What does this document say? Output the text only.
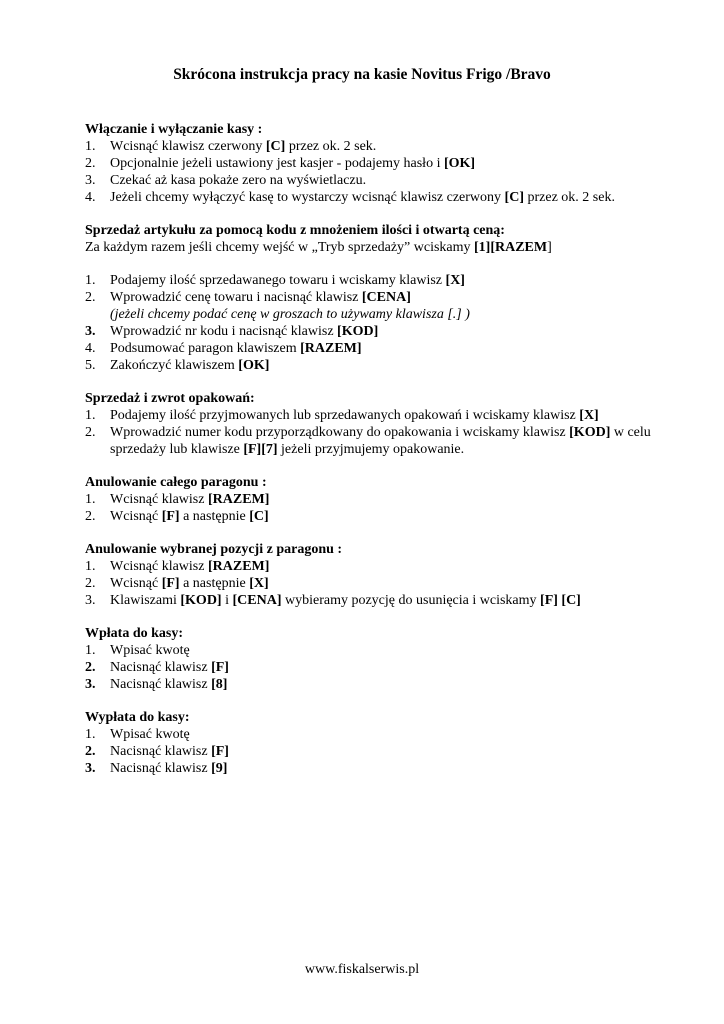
Skrócona instrukcja pracy na kasie Novitus Frigo /Bravo

Włączanie i wyłączanie kasy :

1. Wcisnąć klawisz czerwony [C] przez ok. 2 sek.
2. Opcjonalnie jeżeli ustawiony jest kasjer - podajemy hasło i [OK]
3. Czekać aż kasa pokaże zero na wyświetlaczu.
4. Jeżeli chcemy wyłączyć kasę to wystarczy wcisnąć klawisz czerwony [C] przez ok. 2 sek.

Sprzedaż artykułu za pomocą kodu z mnożeniem ilości i otwartą ceną:

Za każdym razem jeśli chcemy wejść w „Tryb sprzedaży” wciskamy [1][RAZEM]

1. Podajemy ilość sprzedawanego towaru i wciskamy klawisz [X]
2. Wprowadzić cenę towaru i nacisnąć klawisz [CENA]
(jeżeli chcemy podać cenę w groszach to używamy klawisza [.] )
3. Wprowadzić nr kodu i nacisnąć klawisz [KOD]
4. Podsumować paragon klawiszem [RAZEM]
5. Zakończyć klawiszem [OK]

Sprzedaż i zwrot opakowań:

1. Podajemy ilość przyjmowanych lub sprzedawanych opakowań i wciskamy klawisz [X]
2. Wprowadzić numer kodu przyporządkowany do opakowania i wciskamy klawisz [KOD] w celu sprzedaży lub klawisze [F][7] jeżeli przyjmujemy opakowanie.

Anulowanie całego paragonu :

1. Wcisnąć klawisz [RAZEM]
2. Wcisnąć [F] a następnie [C]

Anulowanie wybranej pozycji z paragonu :

1. Wcisnąć klawisz [RAZEM]
2. Wcisnąć [F] a następnie [X]
3. Klawiszami [KOD] i [CENA] wybieramy pozycję do usunięcia i wciskamy [F] [C]

Wpłata do kasy:

1. Wpisać kwotę
2. Nacisnąć klawisz [F]
3. Nacisnąć klawisz [8]

Wypłata do kasy:

1. Wpisać kwotę
2. Nacisnąć klawisz [F]
3. Nacisnąć klawisz [9]
www.fiskalserwis.pl
